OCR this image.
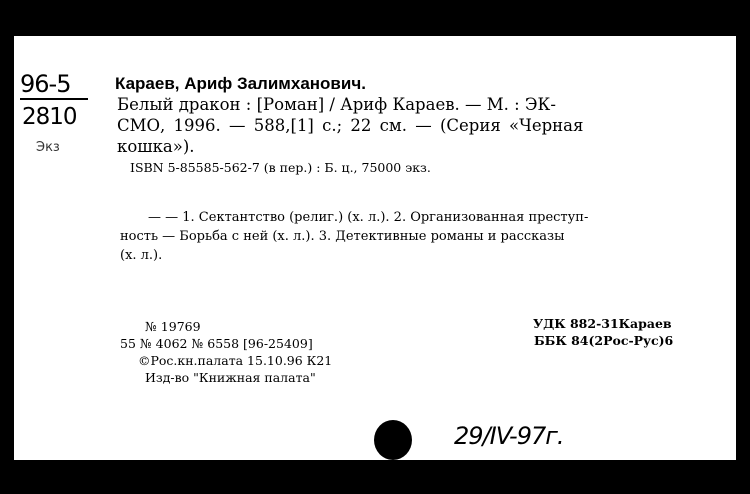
96-5
2810
Экз
Караев, Ариф Залимханович.
Белый дракон : [Роман] / Ариф Караев. — М. : ЭК-
СМО, 1996. — 588,[1] с.; 22 см. — (Серия «Черная
кошка»).
ISBN 5-85585-562-7 (в пер.) : Б. ц., 75000 экз.
— — 1. Сектантство (религ.) (х. л.). 2. Организованная преступ-
ность — Борьба с ней (х. л.). 3. Детективные романы и рассказы
(х. л.).
№ 19769
55 № 4062 № 6558 [96-25409]
©Рос.кн.палата 15.10.96 К21
Изд-во "Книжная палата"
УДК 882-31Караев
ББК 84(2Рос-Рус)6
29/IV-97г.
